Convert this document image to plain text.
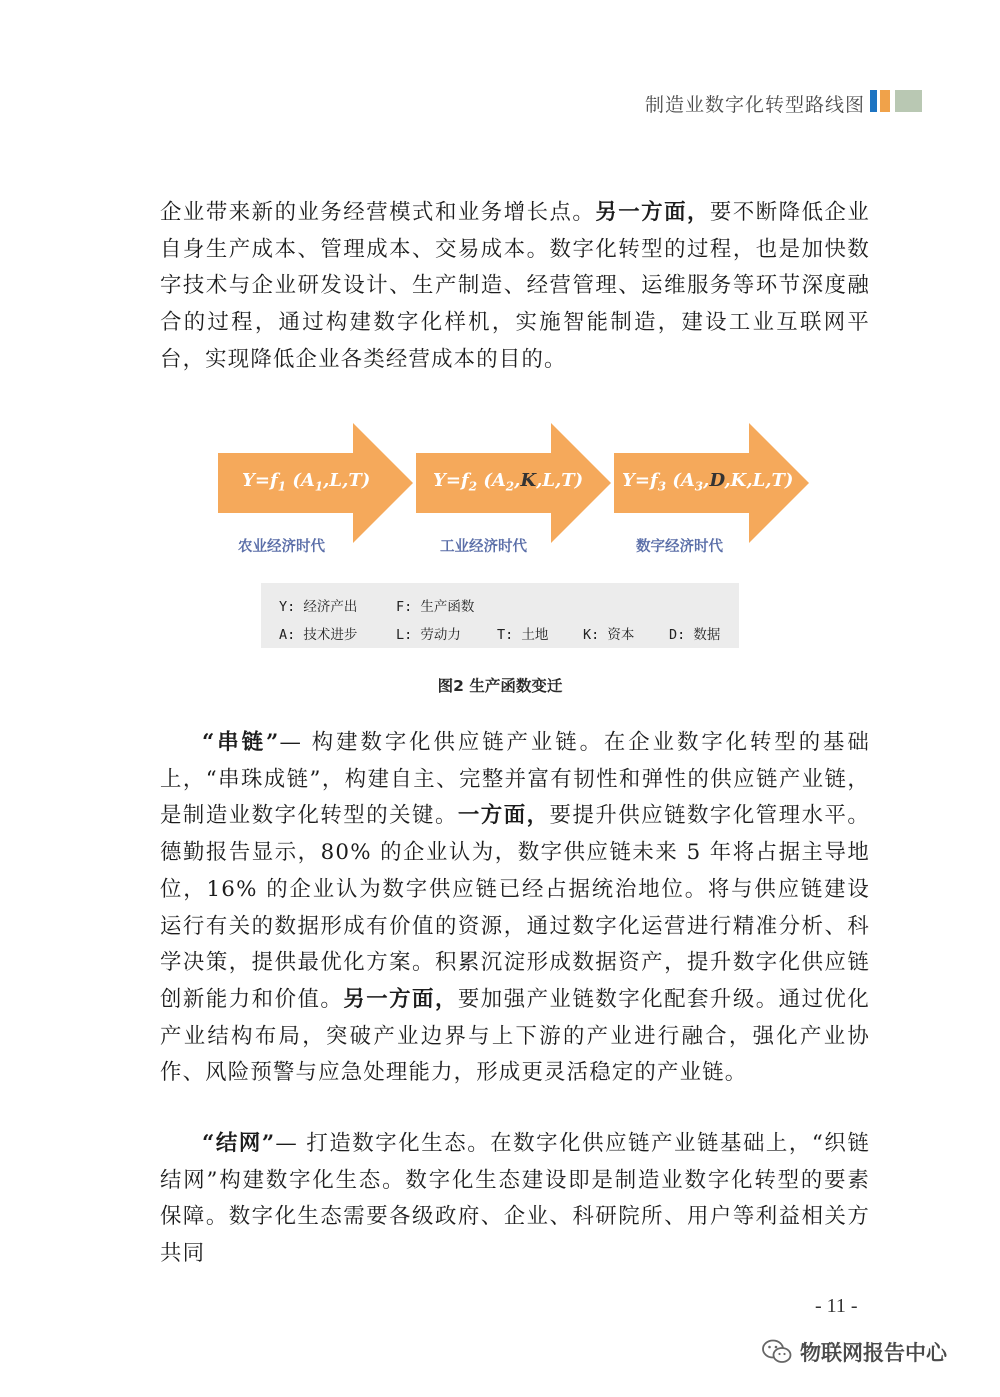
制造业数字化转型路线图
企业带来新的业务经营模式和业务增长点。另一方面，要不断降低企业自身生产成本、管理成本、交易成本。数字化转型的过程，也是加快数字技术与企业研发设计、生产制造、经营管理、运维服务等环节深度融合的过程，通过构建数字化样机，实施智能制造，建设工业互联网平台，实现降低企业各类经营成本的目的。
$Y=f_1$ $(A_1,L,T)$	$Y=f_2$ $(A_2,K,L,T)$ $Y=f_3$ $(A_3,D,K,L,T)$
农业经济时代	工业经济时代	数字经济时代
Y: 经济产出	F: 生产函数
A: 技术进步	L: 劳动力	T: 土地	K: 资本	D: 数据
图2 生产函数变迁
“串链”— 构建数字化供应链产业链。在企业数字化转型的基础上，“串珠成链”，构建自主、完整并富有韧性和弹性的供应链产业链，是制造业数字化转型的关键。一方面，要提升供应链数字化管理水平。德勤报告显示，80% 的企业认为，数字供应链未来 5 年将占据主导地位，16% 的企业认为数字供应链已经占据统治地位。将与供应链建设运行有关的数据形成有价值的资源，通过数字化运营进行精准分析、科学决策，提供最优化方案。积累沉淀形成数据资产，提升数字化供应链创新能力和价值。另一方面，要加强产业链数字化配套升级。通过优化产业结构布局，突破产业边界与上下游的产业进行融合，强化产业协作、风险预警与应急处理能力，形成更灵活稳定的产业链。
“结网”— 打造数字化生态。在数字化供应链产业链基础上，“织链结网”构建数字化生态。数字化生态建设即是制造业数字化转型的要素保障。数字化生态需要各级政府、企业、科研院所、用户等利益相关方共同
- 11 -
物联网报告中心
